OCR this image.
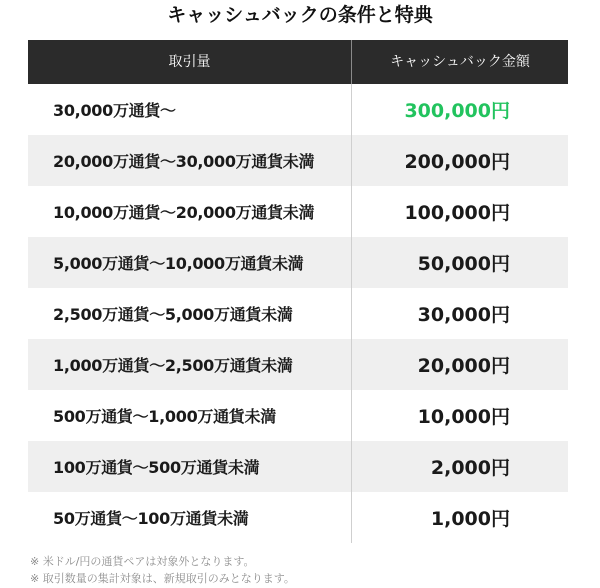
キャッシュバックの条件と特典
取引量	キャッシュバック金額
30,000万通貨〜	300,000円
20,000万通貨〜30,000万通貨未満	200,000円
10,000万通貨〜20,000万通貨未満	100,000円
5,000万通貨〜10,000万通貨未満	50,000円
2,500万通貨〜5,000万通貨未満	30,000円
1,000万通貨〜2,500万通貨未満	20,000円
500万通貨〜1,000万通貨未満	10,000円
100万通貨〜500万通貨未満	2,000円
50万通貨〜100万通貨未満	1,000円
※ 米ドル/円の通貨ペアは対象外となります。
※ 取引数量の集計対象は、新規取引のみとなります。
